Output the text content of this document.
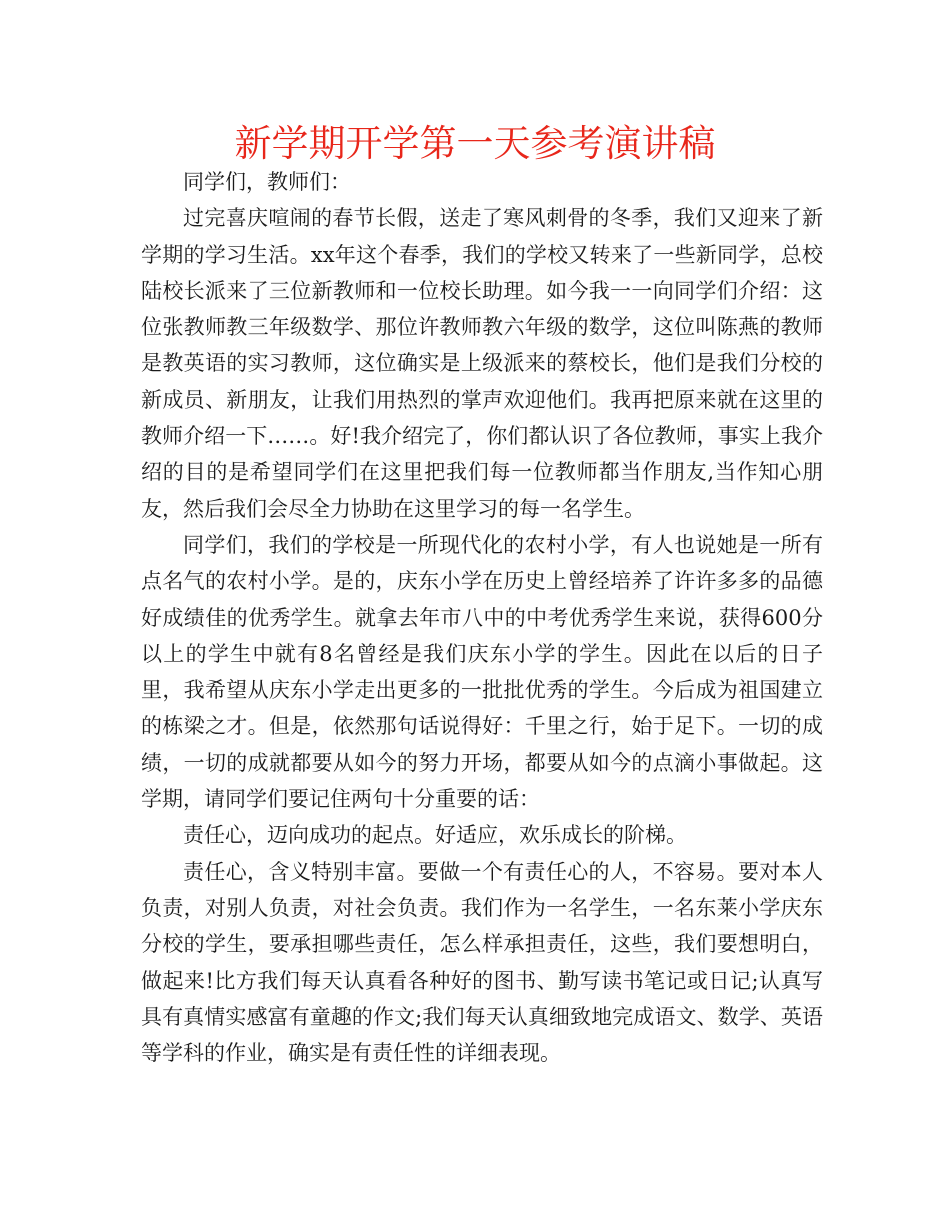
新学期开学第一天参考演讲稿

同学们，教师们：

过完喜庆喧闹的春节长假，送走了寒风刺骨的冬季，我们又迎来了新学期的学习生活。xx年这个春季，我们的学校又转来了一些新同学，总校陆校长派来了三位新教师和一位校长助理。如今我一一向同学们介绍：这位张教师教三年级数学、那位许教师教六年级的数学，这位叫陈燕的教师是教英语的实习教师，这位确实是上级派来的蔡校长，他们是我们分校的新成员、新朋友，让我们用热烈的掌声欢迎他们。我再把原来就在这里的教师介绍一下……。好!我介绍完了，你们都认识了各位教师，事实上我介绍的目的是希望同学们在这里把我们每一位教师都当作朋友,当作知心朋友，然后我们会尽全力协助在这里学习的每一名学生。

同学们，我们的学校是一所现代化的农村小学，有人也说她是一所有点名气的农村小学。是的，庆东小学在历史上曾经培养了许许多多的品德好成绩佳的优秀学生。就拿去年市八中的中考优秀学生来说，获得600分以上的学生中就有8名曾经是我们庆东小学的学生。因此在以后的日子里，我希望从庆东小学走出更多的一批批优秀的学生。今后成为祖国建立的栋梁之才。但是，依然那句话说得好：千里之行，始于足下。一切的成绩，一切的成就都要从如今的努力开场，都要从如今的点滴小事做起。这学期，请同学们要记住两句十分重要的话：

责任心，迈向成功的起点。好适应，欢乐成长的阶梯。

责任心，含义特别丰富。要做一个有责任心的人，不容易。要对本人负责，对别人负责，对社会负责。我们作为一名学生，一名东莱小学庆东分校的学生，要承担哪些责任，怎么样承担责任，这些，我们要想明白，做起来!比方我们每天认真看各种好的图书、勤写读书笔记或日记;认真写具有真情实感富有童趣的作文;我们每天认真细致地完成语文、数学、英语等学科的作业，确实是有责任性的详细表现。
